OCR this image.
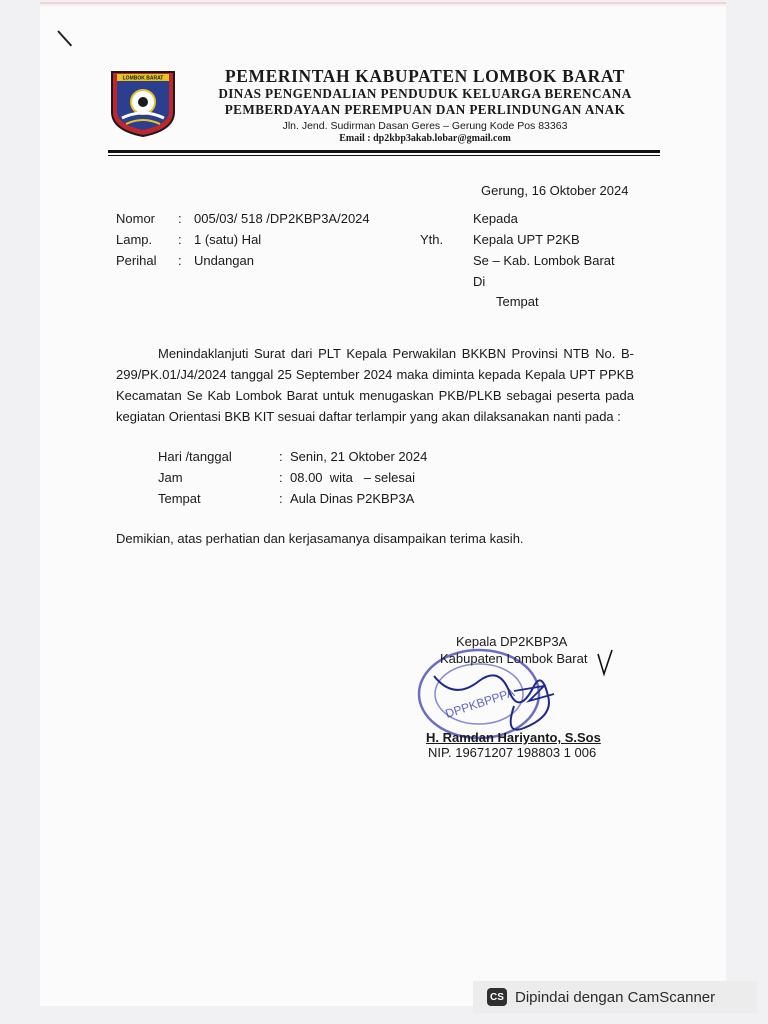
LOMBOK BARAT	PEMERINTAH KABUPATEN LOMBOK BARAT
DINAS PENGENDALIAN PENDUDUK KELUARGA BERENCANA
PEMBERDAYAAN PEREMPUAN DAN PERLINDUNGAN ANAK
Jln. Jend. Sudirman Dasan Geres – Gerung Kode Pos 83363
Email : dp2kbp3akab.lobar@gmail.com
Gerung, 16 Oktober 2024
Nomor : 005/03/ 518 /DP2KBP3A/2024
Lamp. : 1 (satu) Hal
Perihal : Undangan
Kepada
Yth. Kepala UPT P2KB
Se – Kab. Lombok Barat
Di
Tempat
Menindaklanjuti Surat dari PLT Kepala Perwakilan BKKBN Provinsi NTB No. B-299/PK.01/J4/2024 tanggal 25 September 2024 maka diminta kepada Kepala UPT PPKB Kecamatan Se Kab Lombok Barat untuk menugaskan PKB/PLKB sebagai peserta pada kegiatan Orientasi BKB KIT sesuai daftar terlampir yang akan dilaksanakan nanti pada :
Hari /tanggal	: Senin, 21 Oktober 2024
Jam	: 08.00  wita   – selesai
Tempat	: Aula Dinas P2KBP3A
Demikian, atas perhatian dan kerjasamanya disampaikan terima kasih.
DPPKBPPPA
Kepala DP2KBP3A
Kabupaten Lombok Barat
H. Ramdan Hariyanto, S.Sos
NIP. 19671207 198803 1 006
CS Dipindai dengan CamScanner
